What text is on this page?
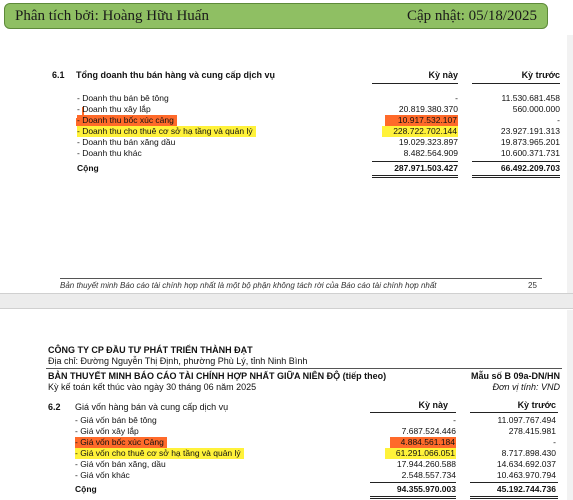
Phân tích bởi: Hoàng Hữu Huấn	Cập nhật: 05/18/2025
6.1 Tổng doanh thu bán hàng và cung cấp dịch vụ	Kỳ này	Kỳ trước
- Doanh thu bán bê tông	-	11.530.681.458
- Doanh thu xây lắp	20.819.380.370	560.000.000
- Doanh thu bốc xúc cảng	10.917.532.107	-
- Doanh thu cho thuê cơ sở hạ tầng và quản lý	228.722.702.144	23.927.191.313
- Doanh thu bán xăng dầu	19.029.323.897	19.873.965.201
- Doanh thu khác	8.482.564.909	10.600.371.731
Cộng	287.971.503.427	66.492.209.703
Bản thuyết minh Báo cáo tài chính hợp nhất là một bộ phận không tách rời của Báo cáo tài chính hợp nhất	25
CÔNG TY CP ĐẦU TƯ PHÁT TRIỂN THÀNH ĐẠT
Địa chỉ: Đường Nguyễn Thị Định, phường Phù Lý, tỉnh Ninh Bình
BẢN THUYẾT MINH BÁO CÁO TÀI CHÍNH HỢP NHẤT GIỮA NIÊN ĐỘ (tiếp theo)	Mẫu số B 09a-DN/HN
Kỳ kế toán kết thúc vào ngày 30 tháng 06 năm 2025	Đơn vị tính: VND
6.2 Giá vốn hàng bán và cung cấp dịch vụ	Kỳ này	Kỳ trước
- Giá vốn bán bê tông	-	11.097.767.494
- Giá vốn xây lắp	7.687.524.446	278.415.981
- Giá vốn bốc xúc Cảng	4.884.561.184	-
- Giá vốn cho thuê cơ sở hạ tầng và quản lý	61.291.066.051	8.717.898.430
- Giá vốn bán xăng, dầu	17.944.260.588	14.634.692.037
- Giá vốn khác	2.548.557.734	10.463.970.794
Cộng	94.355.970.003	45.192.744.736
